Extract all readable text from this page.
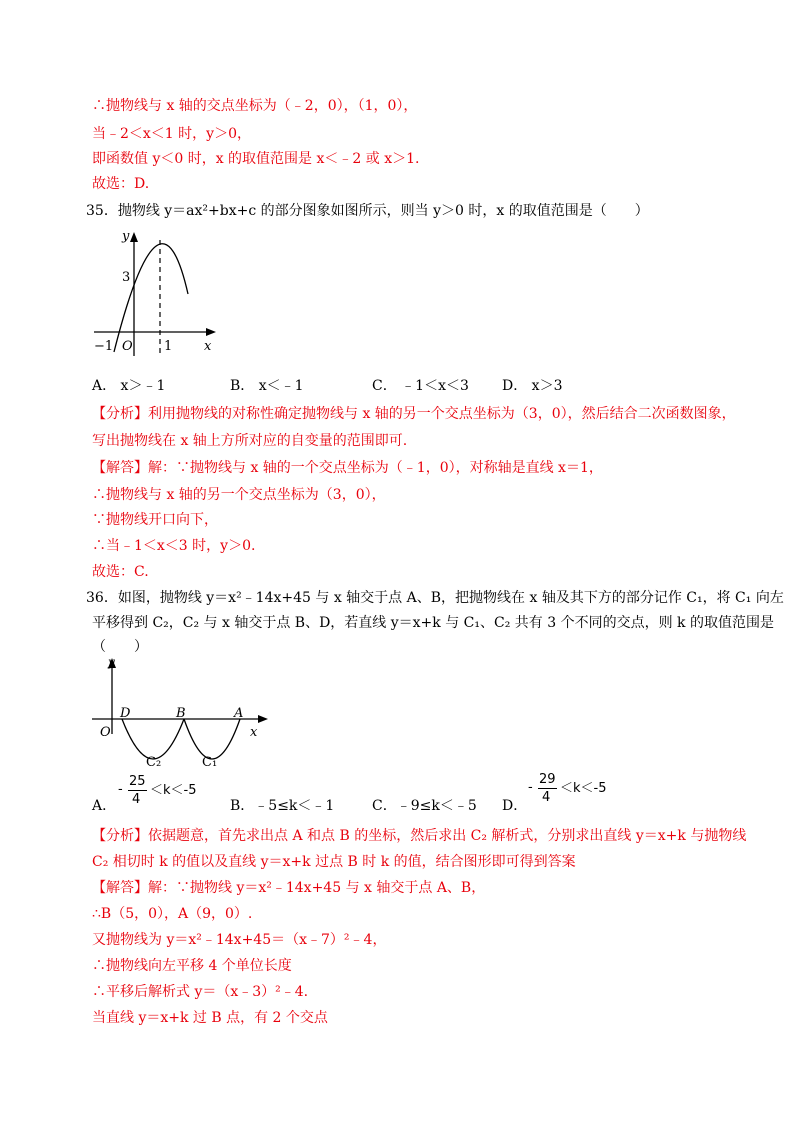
∴抛物线与 x 轴的交点坐标为（﹣2，0），（1，0），
当﹣2＜x＜1 时，y＞0，
即函数值 y＜0 时，x 的取值范围是 x＜﹣2 或 x＞1.
故选：D.
35．抛物线 y＝ax²+bx+c 的部分图象如图所示，则当 y＞0 时，x 的取值范围是（　　）
y
x
3
−1 O 1
A． x＞﹣1	B． x＜﹣1	C． ﹣1＜x＜3 D． x＞3
【分析】利用抛物线的对称性确定抛物线与 x 轴的另一个交点坐标为（3，0），然后结合二次函数图象，
写出抛物线在 x 轴上方所对应的自变量的范围即可.
【解答】解：∵抛物线与 x 轴的一个交点坐标为（﹣1，0），对称轴是直线 x＝1，
∴抛物线与 x 轴的另一个交点坐标为（3，0），
∵抛物线开口向下，
∴当﹣1＜x＜3 时，y＞0.
故选：C.
36．如图，抛物线 y＝x²﹣14x+45 与 x 轴交于点 A、B，把抛物线在 x 轴及其下方的部分记作 C₁，将 C₁ 向左
平移得到 C₂，C₂ 与 x 轴交于点 B、D，若直线 y＝x+k 与 C₁、C₂ 共有 3 个不同的交点，则 k 的取值范围是
（　　）
y
x
O
D	B	A
C₂	C₁
A．
-
25
4
＜k＜-5
B．﹣5≤k＜﹣1	C．﹣9≤k＜﹣5 D．
-
29
4
＜k＜-5
【分析】依据题意，首先求出点 A 和点 B 的坐标，然后求出 C₂ 解析式，分别求出直线 y＝x+k 与抛物线
C₂ 相切时 k 的值以及直线 y＝x+k 过点 B 时 k 的值，结合图形即可得到答案
【解答】解：∵抛物线 y＝x²﹣14x+45 与 x 轴交于点 A、B，
∴B（5，0），A（9，0）.
又抛物线为 y＝x²﹣14x+45＝（x﹣7）²﹣4，
∴抛物线向左平移 4 个单位长度
∴平移后解析式 y＝（x﹣3）²﹣4.
当直线 y＝x+k 过 B 点，有 2 个交点
